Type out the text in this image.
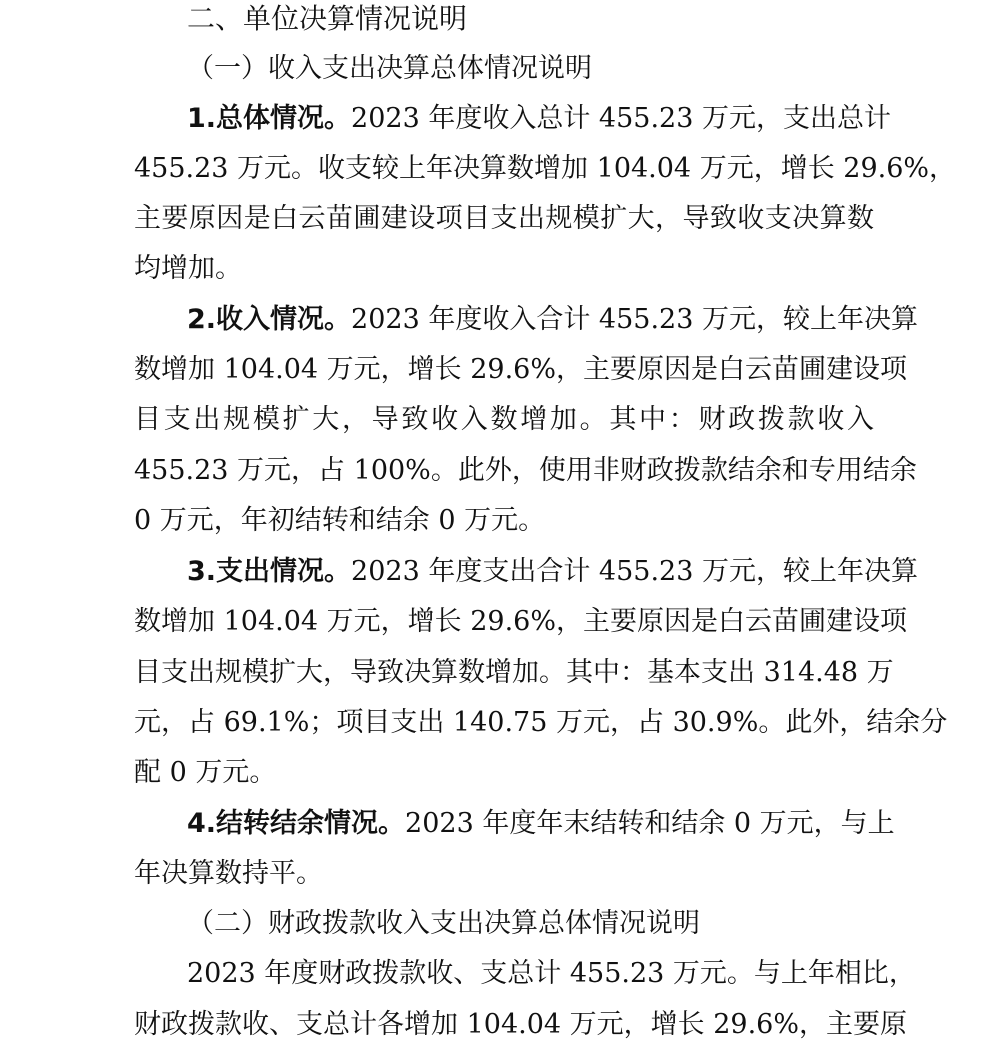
二、单位决算情况说明
（一）收入支出决算总体情况说明
1.总体情况。2023 年度收入总计 455.23 万元，支出总计
455.23 万元。收支较上年决算数增加 104.04 万元，增长 29.6%，
主要原因是白云苗圃建设项目支出规模扩大，导致收支决算数
均增加。
2.收入情况。2023 年度收入合计 455.23 万元，较上年决算
数增加 104.04 万元，增长 29.6%，主要原因是白云苗圃建设项
目支出规模扩大，导致收入数增加。其中：财政拨款收入
455.23 万元，占 100%。此外，使用非财政拨款结余和专用结余
0 万元，年初结转和结余 0 万元。
3.支出情况。2023 年度支出合计 455.23 万元，较上年决算
数增加 104.04 万元，增长 29.6%，主要原因是白云苗圃建设项
目支出规模扩大，导致决算数增加。其中：基本支出 314.48 万
元，占 69.1%；项目支出 140.75 万元，占 30.9%。此外，结余分
配 0 万元。
4.结转结余情况。2023 年度年末结转和结余 0 万元，与上
年决算数持平。
（二）财政拨款收入支出决算总体情况说明
2023 年度财政拨款收、支总计 455.23 万元。与上年相比，
财政拨款收、支总计各增加 104.04 万元，增长 29.6%，主要原
